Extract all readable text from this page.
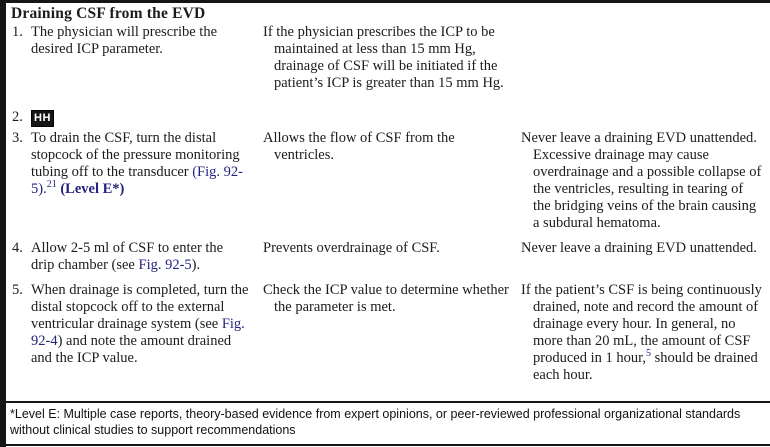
Draining CSF from the EVD
1. The physician will prescribe the desired ICP parameter.
If the physician prescribes the ICP to be maintained at less than 15 mm Hg, drainage of CSF will be initiated if the patient’s ICP is greater than 15 mm Hg.
2.	HH
3. To drain the CSF, turn the distal stopcock of the pressure monitoring tubing off to the transducer (Fig. 92-5).$^{21}$ (Level E*)
Allows the flow of CSF from the ventricles.
Never leave a draining EVD unattended. Excessive drainage may cause overdrainage and a possible collapse of the ventricles, resulting in tearing of the bridging veins of the brain causing a subdural hematoma.
4. Allow 2-5 ml of CSF to enter the drip chamber (see Fig. 92-5).
Prevents overdrainage of CSF.	Never leave a draining EVD unattended.
5. When drainage is completed, turn the distal stopcock off to the external ventricular drainage system (see Fig. 92-4) and note the amount drained and the ICP value.
Check the ICP value to determine whether the parameter is met.
If the patient’s CSF is being continuously drained, note and record the amount of drainage every hour. In general, no more than 20 mL, the amount of CSF produced in 1 hour,$^5$ should be drained each hour.
*Level E: Multiple case reports, theory-based evidence from expert opinions, or peer-reviewed professional organizational standards without clinical studies to support recommendations
